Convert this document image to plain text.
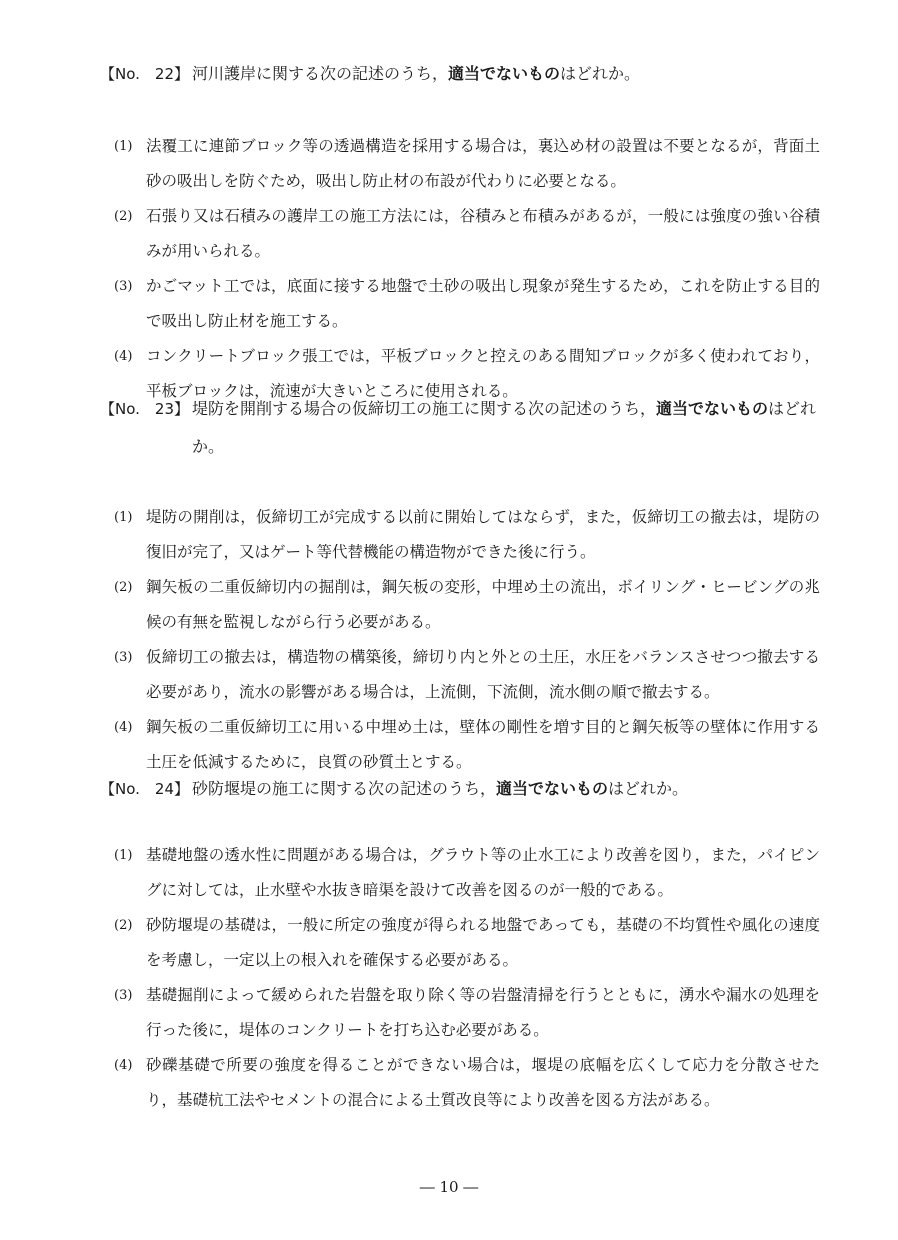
【No.　22】 河川護岸に関する次の記述のうち，適当でないものはどれか。
(1) 法覆工に連節ブロック等の透過構造を採用する場合は，裏込め材の設置は不要となるが，背面土砂の吸出しを防ぐため，吸出し防止材の布設が代わりに必要となる。
(2) 石張り又は石積みの護岸工の施工方法には，谷積みと布積みがあるが，一般には強度の強い谷積みが用いられる。
(3) かごマット工では，底面に接する地盤で土砂の吸出し現象が発生するため，これを防止する目的で吸出し防止材を施工する。
(4) コンクリートブロック張工では，平板ブロックと控えのある間知ブロックが多く使われており，平板ブロックは，流速が大きいところに使用される。
【No.　23】 堤防を開削する場合の仮締切工の施工に関する次の記述のうち，適当でないものはどれか。
(1) 堤防の開削は，仮締切工が完成する以前に開始してはならず，また，仮締切工の撤去は，堤防の復旧が完了，又はゲート等代替機能の構造物ができた後に行う。
(2) 鋼矢板の二重仮締切内の掘削は，鋼矢板の変形，中埋め土の流出，ボイリング・ヒービングの兆候の有無を監視しながら行う必要がある。
(3) 仮締切工の撤去は，構造物の構築後，締切り内と外との土圧，水圧をバランスさせつつ撤去する必要があり，流水の影響がある場合は，上流側，下流側，流水側の順で撤去する。
(4) 鋼矢板の二重仮締切工に用いる中埋め土は，壁体の剛性を増す目的と鋼矢板等の壁体に作用する土圧を低減するために，良質の砂質土とする。
【No.　24】 砂防堰堤の施工に関する次の記述のうち，適当でないものはどれか。
(1) 基礎地盤の透水性に問題がある場合は，グラウト等の止水工により改善を図り，また，パイピングに対しては，止水壁や水抜き暗渠を設けて改善を図るのが一般的である。
(2) 砂防堰堤の基礎は，一般に所定の強度が得られる地盤であっても，基礎の不均質性や風化の速度を考慮し，一定以上の根入れを確保する必要がある。
(3) 基礎掘削によって緩められた岩盤を取り除く等の岩盤清掃を行うとともに，湧水や漏水の処理を行った後に，堤体のコンクリートを打ち込む必要がある。
(4) 砂礫基礎で所要の強度を得ることができない場合は，堰堤の底幅を広くして応力を分散させたり，基礎杭工法やセメントの混合による土質改良等により改善を図る方法がある。
― 10 ―
